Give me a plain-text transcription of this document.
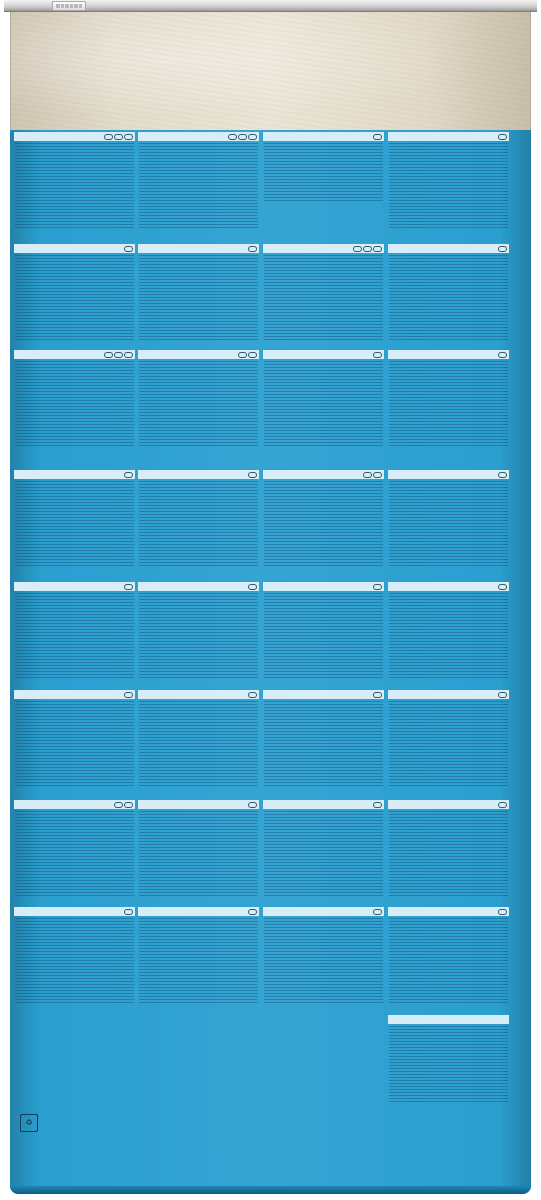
♻
